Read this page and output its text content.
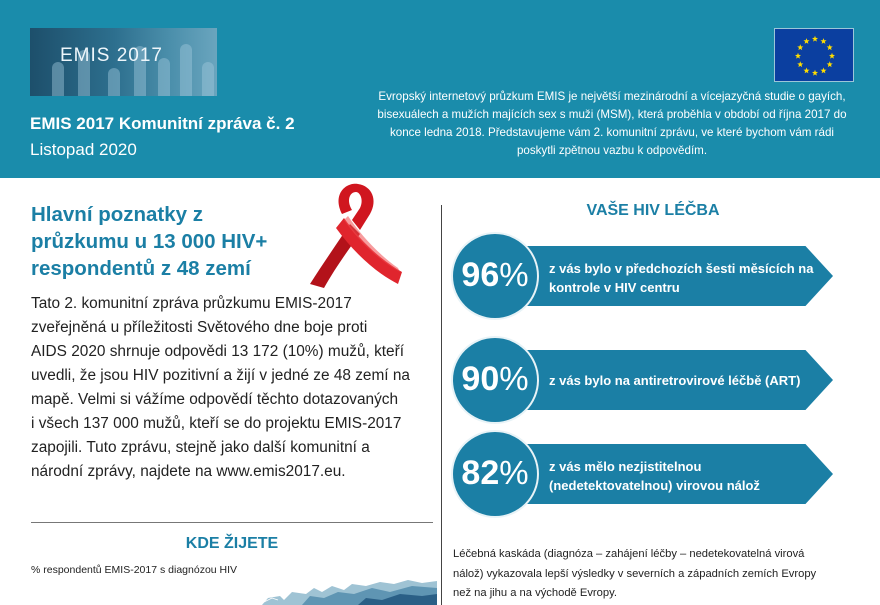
EMIS 2017
EMIS 2017 Komunitní zpráva č. 2
Listopad 2020
Evropský internetový průzkum EMIS je největší mezinárodní a vícejazyčná studie o gayích, bisexuálech a mužích majících sex s muži (MSM), která proběhla v období od října 2017 do konce ledna 2018. Představujeme vám 2. komunitní zprávu, ve které bychom vám rádi poskytli zpětnou vazbu k odpovědím.
Hlavní poznatky z
průzkumu u 13 000 HIV+
respondentů z 48 zemí
Tato 2. komunitní zpráva průzkumu EMIS-2017
zveřejněná u příležitosti Světového dne boje proti
AIDS 2020 shrnuje odpovědi 13 172 (10%) mužů, kteří
uvedli, že jsou HIV pozitivní a žijí v jedné ze 48 zemí na
mapě. Velmi si vážíme odpovědí těchto dotazovaných
i všech 137 000 mužů, kteří se do projektu EMIS-2017
zapojili. Tuto zprávu, stejně jako další komunitní a
národní zprávy, najdete na www.emis2017.eu.
KDE ŽIJETE
% respondentů EMIS-2017 s diagnózou HIV
VAŠE HIV LÉČBA
96%	z vás bylo v předchozích šesti měsících na
kontrole v HIV centru
90%	z vás bylo na antiretrovirové léčbě (ART)
82%	z vás mělo nezjistitelnou
(nedetektovatelnou) virovou nálož
Léčebná kaskáda (diagnóza – zahájení léčby – nedetekovatelná virová
nálož) vykazovala lepší výsledky v severních a západních zemích Evropy
než na jihu a na východě Evropy.
